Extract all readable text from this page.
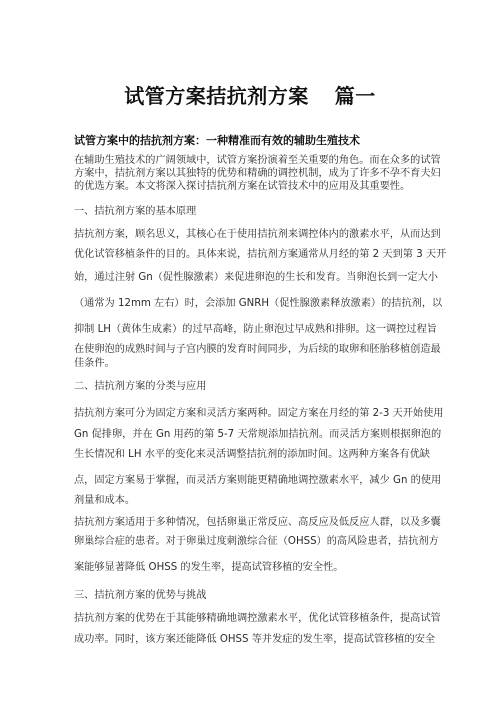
试管方案拮抗剂方案 篇一
试管方案中的拮抗剂方案：一种精准而有效的辅助生殖技术
在辅助生殖技术的广阔领域中，试管方案扮演着至关重要的角色。而在众多的试管
方案中，拮抗剂方案以其独特的优势和精确的调控机制，成为了许多不孕不育夫妇
的优选方案。本文将深入探讨拮抗剂方案在试管技术中的应用及其重要性。
一、拮抗剂方案的基本原理
拮抗剂方案，顾名思义，其核心在于使用拮抗剂来调控体内的激素水平，从而达到
优化试管移植条件的目的。具体来说，拮抗剂方案通常从月经的第 2 天到第 3 天开
始，通过注射 Gn（促性腺激素）来促进卵泡的生长和发育。当卵泡长到一定大小
（通常为 12mm 左右）时，会添加 GNRH（促性腺激素释放激素）的拮抗剂，以
抑制 LH（黄体生成素）的过早高峰，防止卵泡过早成熟和排卵。这一调控过程旨
在使卵泡的成熟时间与子宫内膜的发育时间同步，为后续的取卵和胚胎移植创造最
佳条件。
二、拮抗剂方案的分类与应用
拮抗剂方案可分为固定方案和灵活方案两种。固定方案在月经的第 2-3 天开始使用
Gn 促排卵，并在 Gn 用药的第 5-7 天常规添加拮抗剂。而灵活方案则根据卵泡的
生长情况和 LH 水平的变化来灵活调整拮抗剂的添加时间。这两种方案各有优缺
点，固定方案易于掌握，而灵活方案则能更精确地调控激素水平，减少 Gn 的使用
剂量和成本。
拮抗剂方案适用于多种情况，包括卵巢正常反应、高反应及低反应人群，以及多囊
卵巢综合症的患者。对于卵巢过度刺激综合征（OHSS）的高风险患者，拮抗剂方
案能够显著降低 OHSS 的发生率，提高试管移植的安全性。
三、拮抗剂方案的优势与挑战
拮抗剂方案的优势在于其能够精确地调控激素水平，优化试管移植条件，提高试管
成功率。同时，该方案还能降低 OHSS 等并发症的发生率，提高试管移植的安全
